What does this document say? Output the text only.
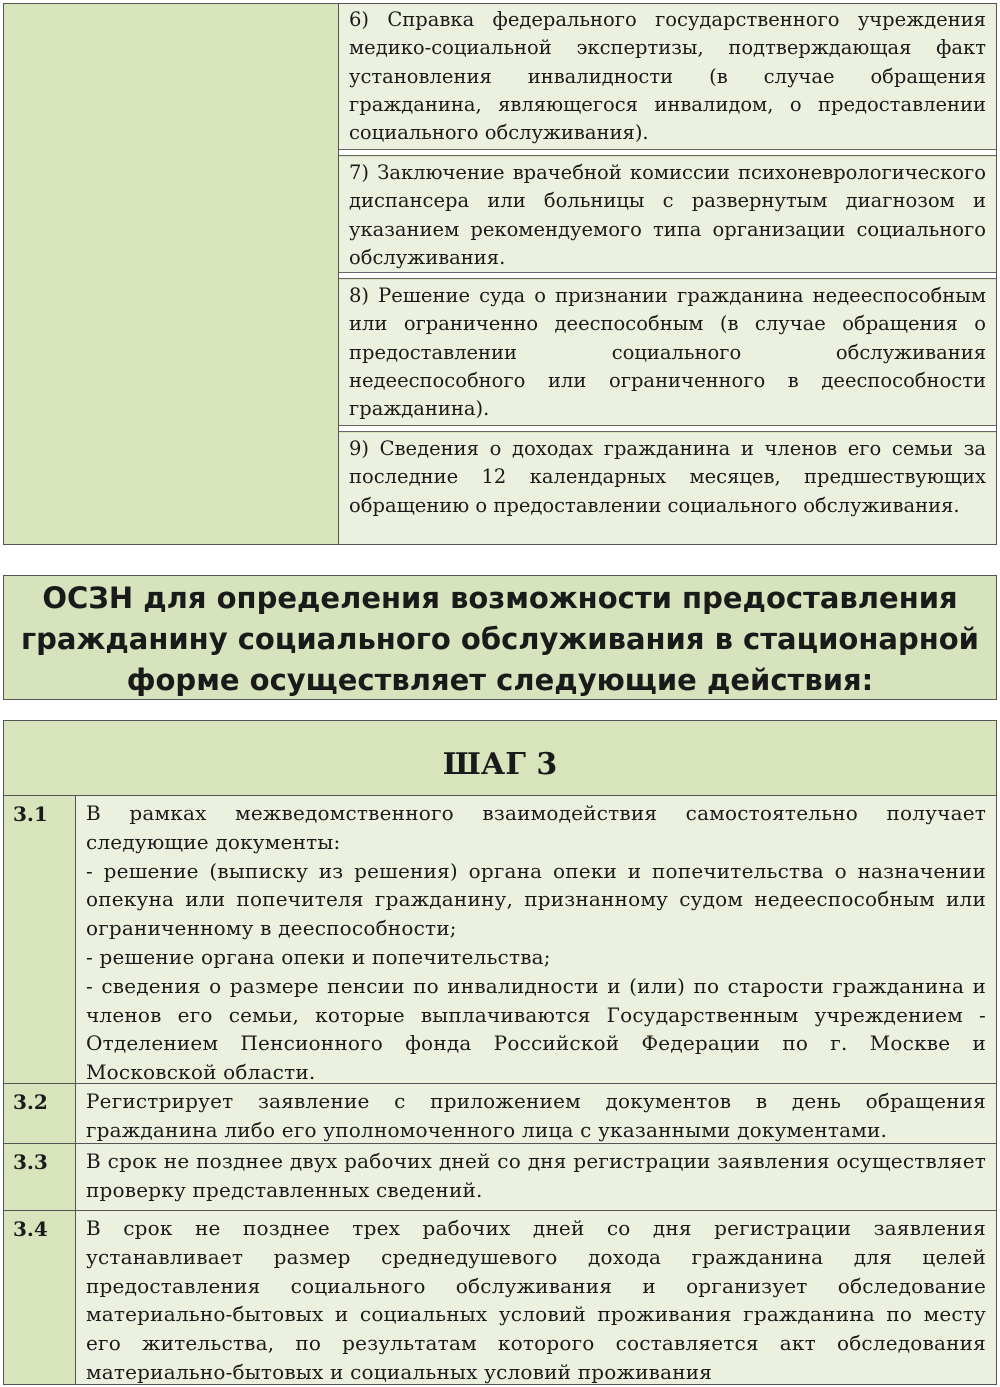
6) Справка федерального государственного учреждения медико-социальной экспертизы, подтверждающая факт установления инвалидности (в случае обращения гражданина, являющегося инвалидом, о предоставлении социального обслуживания).
7) Заключение врачебной комиссии психоневрологического диспансера или больницы с развернутым диагнозом и указанием рекомендуемого типа организации социального обслуживания.
8) Решение суда о признании гражданина недееспособным или ограниченно дееспособным (в случае обращения о предоставлении социального обслуживания недееспособного или ограниченного в дееспособности гражданина).
9) Сведения о доходах гражданина и членов его семьи за последние 12 календарных месяцев, предшествующих обращению о предоставлении социального обслуживания.
ОСЗН для определения возможности предоставления гражданину социального обслуживания в стационарной форме осуществляет следующие действия:
ШАГ 3
3.1	В рамках межведомственного взаимодействия самостоятельно получает следующие документы:
- решение (выписку из решения) органа опеки и попечительства о назначении опекуна или попечителя гражданину, признанному судом недееспособным или ограниченному в дееспособности;
- решение органа опеки и попечительства;
- сведения о размере пенсии по инвалидности и (или) по старости гражданина и членов его семьи, которые выплачиваются Государственным учреждением - Отделением Пенсионного фонда Российской Федерации по г. Москве и Московской области.
3.2	Регистрирует заявление с приложением документов в день обращения гражданина либо его уполномоченного лица с указанными документами.
3.3	В срок не позднее двух рабочих дней со дня регистрации заявления осуществляет проверку представленных сведений.
3.4	В срок не позднее трех рабочих дней со дня регистрации заявления устанавливает размер среднедушевого дохода гражданина для целей предоставления социального обслуживания и организует обследование материально-бытовых и социальных условий проживания гражданина по месту его жительства, по результатам которого составляется акт обследования материально-бытовых и социальных условий проживания
